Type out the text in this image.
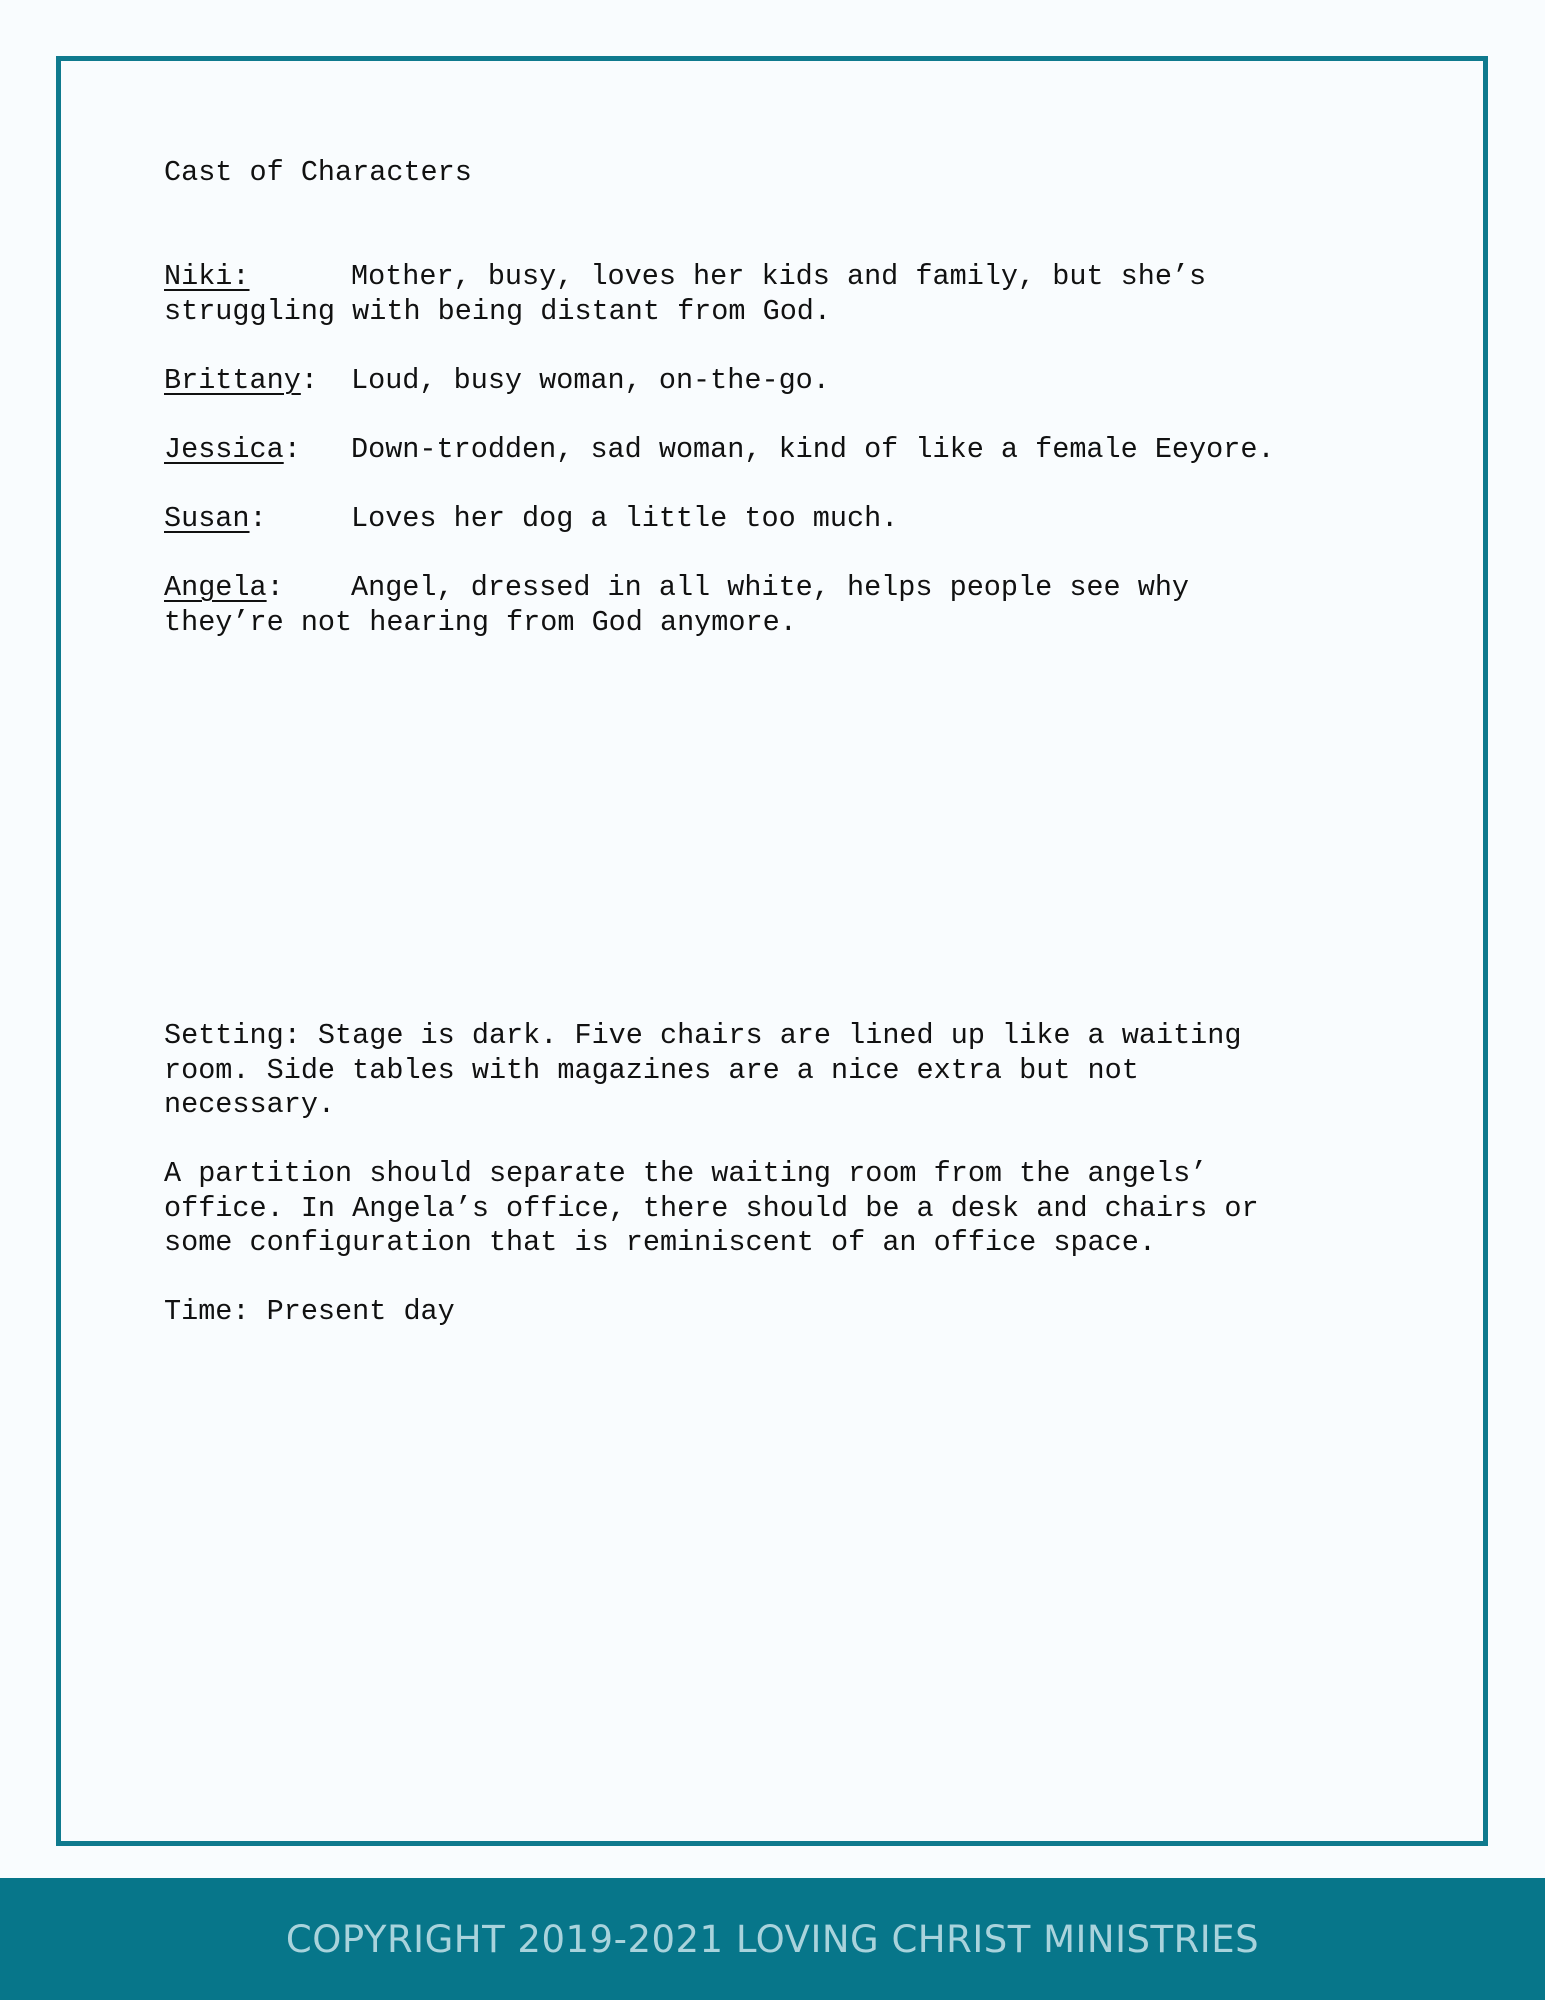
Cast of Characters

Niki:	Mother, busy, loves her kids and family, but she’s
struggling with being distant from God.

Brittany: Loud, busy woman, on-the-go.

Jessica: Down-trodden, sad woman, kind of like a female Eeyore.

Susan:	Loves her dog a little too much.

Angela: Angel, dressed in all white, helps people see why
they’re not hearing from God anymore.

Setting: Stage is dark. Five chairs are lined up like a waiting
room. Side tables with magazines are a nice extra but not
necessary.

A partition should separate the waiting room from the angels’
office. In Angela’s office, there should be a desk and chairs or
some configuration that is reminiscent of an office space.

Time: Present day

COPYRIGHT 2019-2021 LOVING CHRIST MINISTRIES
